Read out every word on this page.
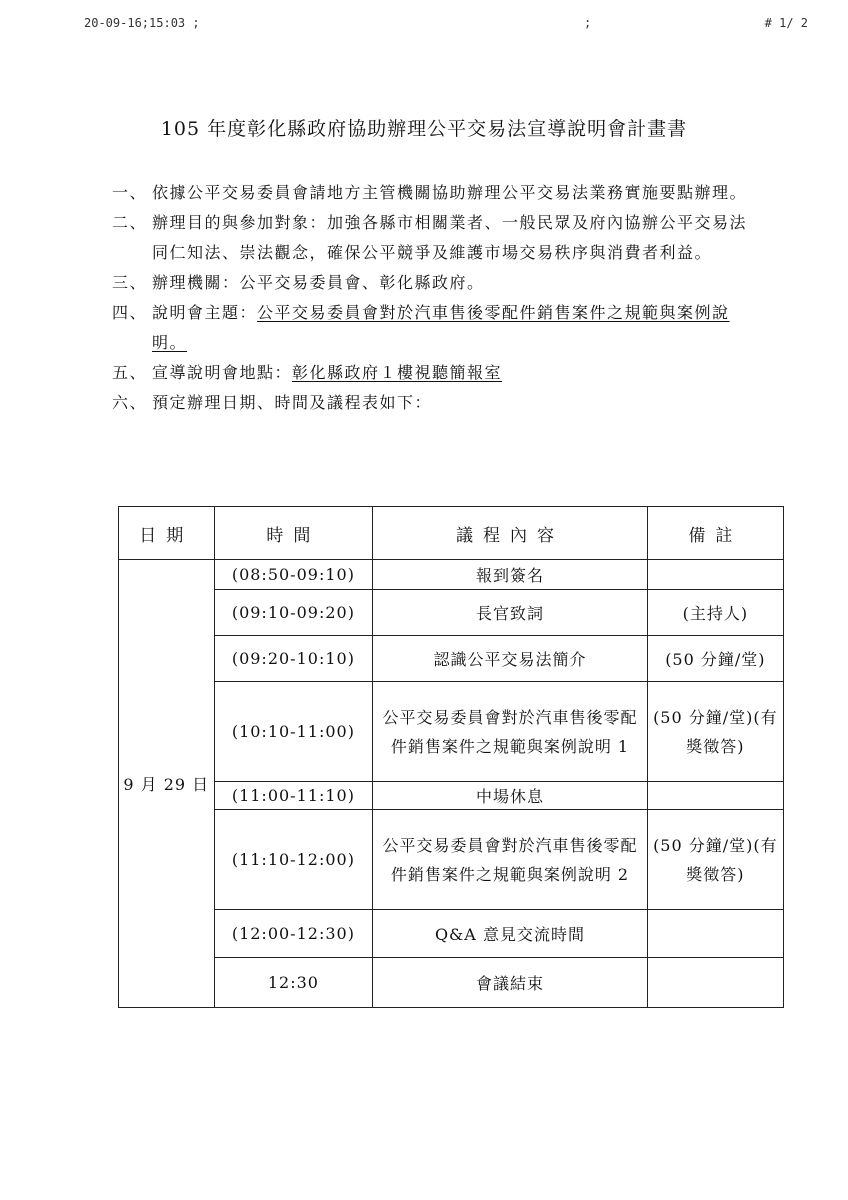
20-09-16;15:03 ;	;	# 1/ 2
105 年度彰化縣政府協助辦理公平交易法宣導說明會計畫書
一、 依據公平交易委員會請地方主管機關協助辦理公平交易法業務實施要點辦理。
二、 辦理目的與參加對象：加強各縣市相關業者、一般民眾及府內協辦公平交易法同仁知法、崇法觀念，確保公平競爭及維護市場交易秩序與消費者利益。
三、 辦理機關：公平交易委員會、彰化縣政府。
四、 說明會主題：公平交易委員會對於汽車售後零配件銷售案件之規範與案例說明。
五、 宣導說明會地點：彰化縣政府１樓視聽簡報室
六、 預定辦理日期、時間及議程表如下：
日期	時間	議程內容	備註
9 月 29 日	(08:50-09:10)	報到簽名	
	(09:10-09:20)	長官致詞	(主持人)
	(09:20-10:10)	認識公平交易法簡介	(50 分鐘/堂)
	(10:10-11:00)	公平交易委員會對於汽車售後零配件銷售案件之規範與案例說明 1	(50 分鐘/堂)(有獎徵答)
	(11:00-11:10)	中場休息	
	(11:10-12:00)	公平交易委員會對於汽車售後零配件銷售案件之規範與案例說明 2	(50 分鐘/堂)(有獎徵答)
	(12:00-12:30)	Q&A 意見交流時間	
	12:30	會議結束	
